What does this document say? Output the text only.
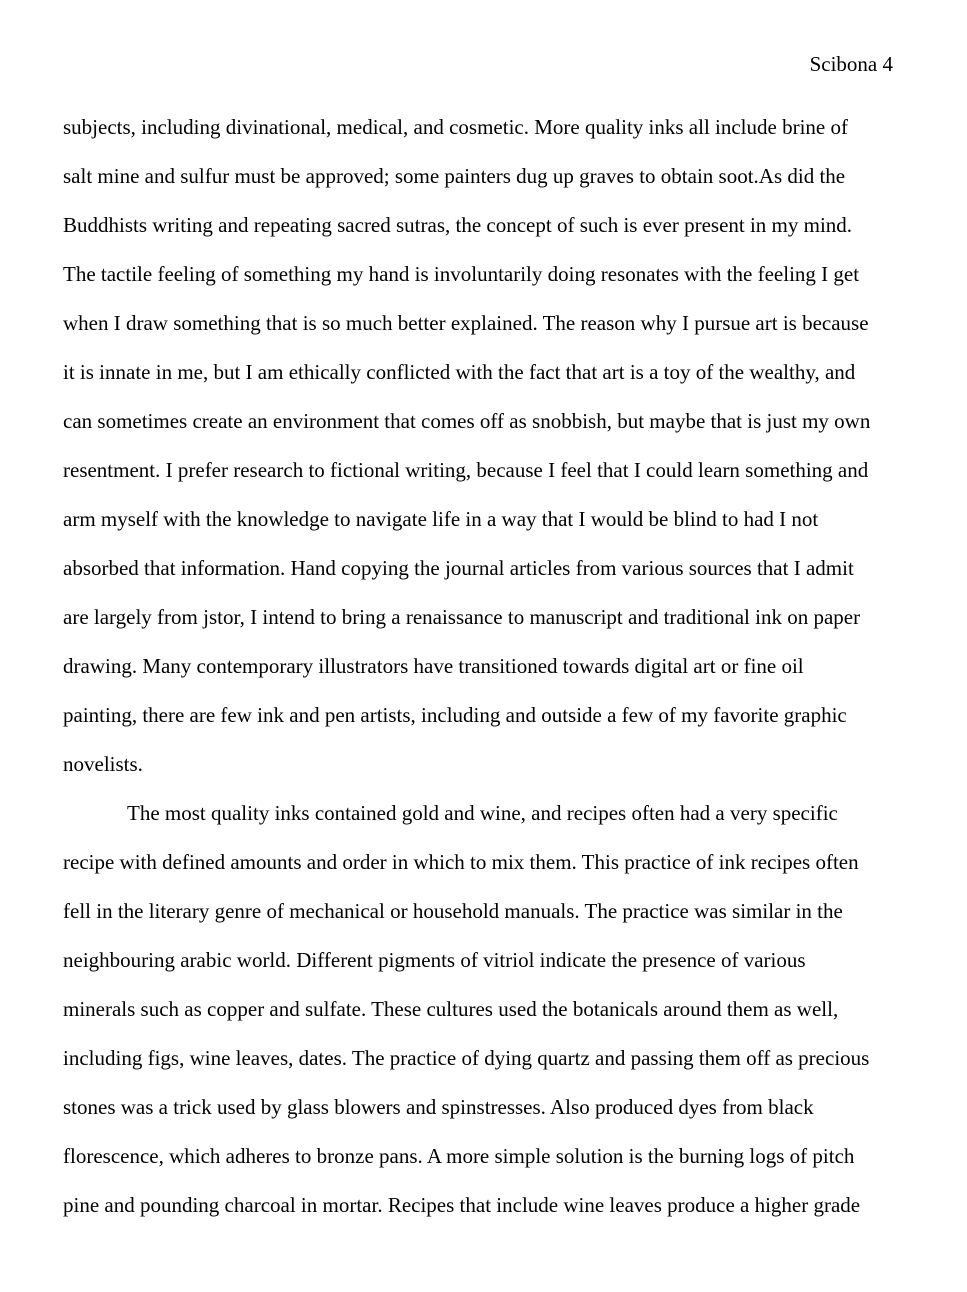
Scibona 4
subjects, including divinational, medical, and cosmetic. More quality inks all include brine of
salt mine and sulfur must be approved; some painters dug up graves to obtain soot.As did the
Buddhists writing and repeating sacred sutras, the concept of such is ever present in my mind.
The tactile feeling of something my hand is involuntarily doing resonates with the feeling I get
when I draw something that is so much better explained. The reason why I pursue art is because
it is innate in me, but I am ethically conflicted with the fact that art is a toy of the wealthy, and
can sometimes create an environment that comes off as snobbish, but maybe that is just my own
resentment. I prefer research to fictional writing, because I feel that I could learn something and
arm myself with the knowledge to navigate life in a way that I would be blind to had I not
absorbed that information. Hand copying the journal articles from various sources that I admit
are largely from jstor, I intend to bring a renaissance to manuscript and traditional ink on paper
drawing. Many contemporary illustrators have transitioned towards digital art or fine oil
painting, there are few ink and pen artists, including and outside a few of my favorite graphic
novelists.
The most quality inks contained gold and wine, and recipes often had a very specific
recipe with defined amounts and order in which to mix them. This practice of ink recipes often
fell in the literary genre of mechanical or household manuals. The practice was similar in the
neighbouring arabic world. Different pigments of vitriol indicate the presence of various
minerals such as copper and sulfate. These cultures used the botanicals around them as well,
including figs, wine leaves, dates. The practice of dying quartz and passing them off as precious
stones was a trick used by glass blowers and spinstresses. Also produced dyes from black
florescence, which adheres to bronze pans. A more simple solution is the burning logs of pitch
pine and pounding charcoal in mortar. Recipes that include wine leaves produce a higher grade
